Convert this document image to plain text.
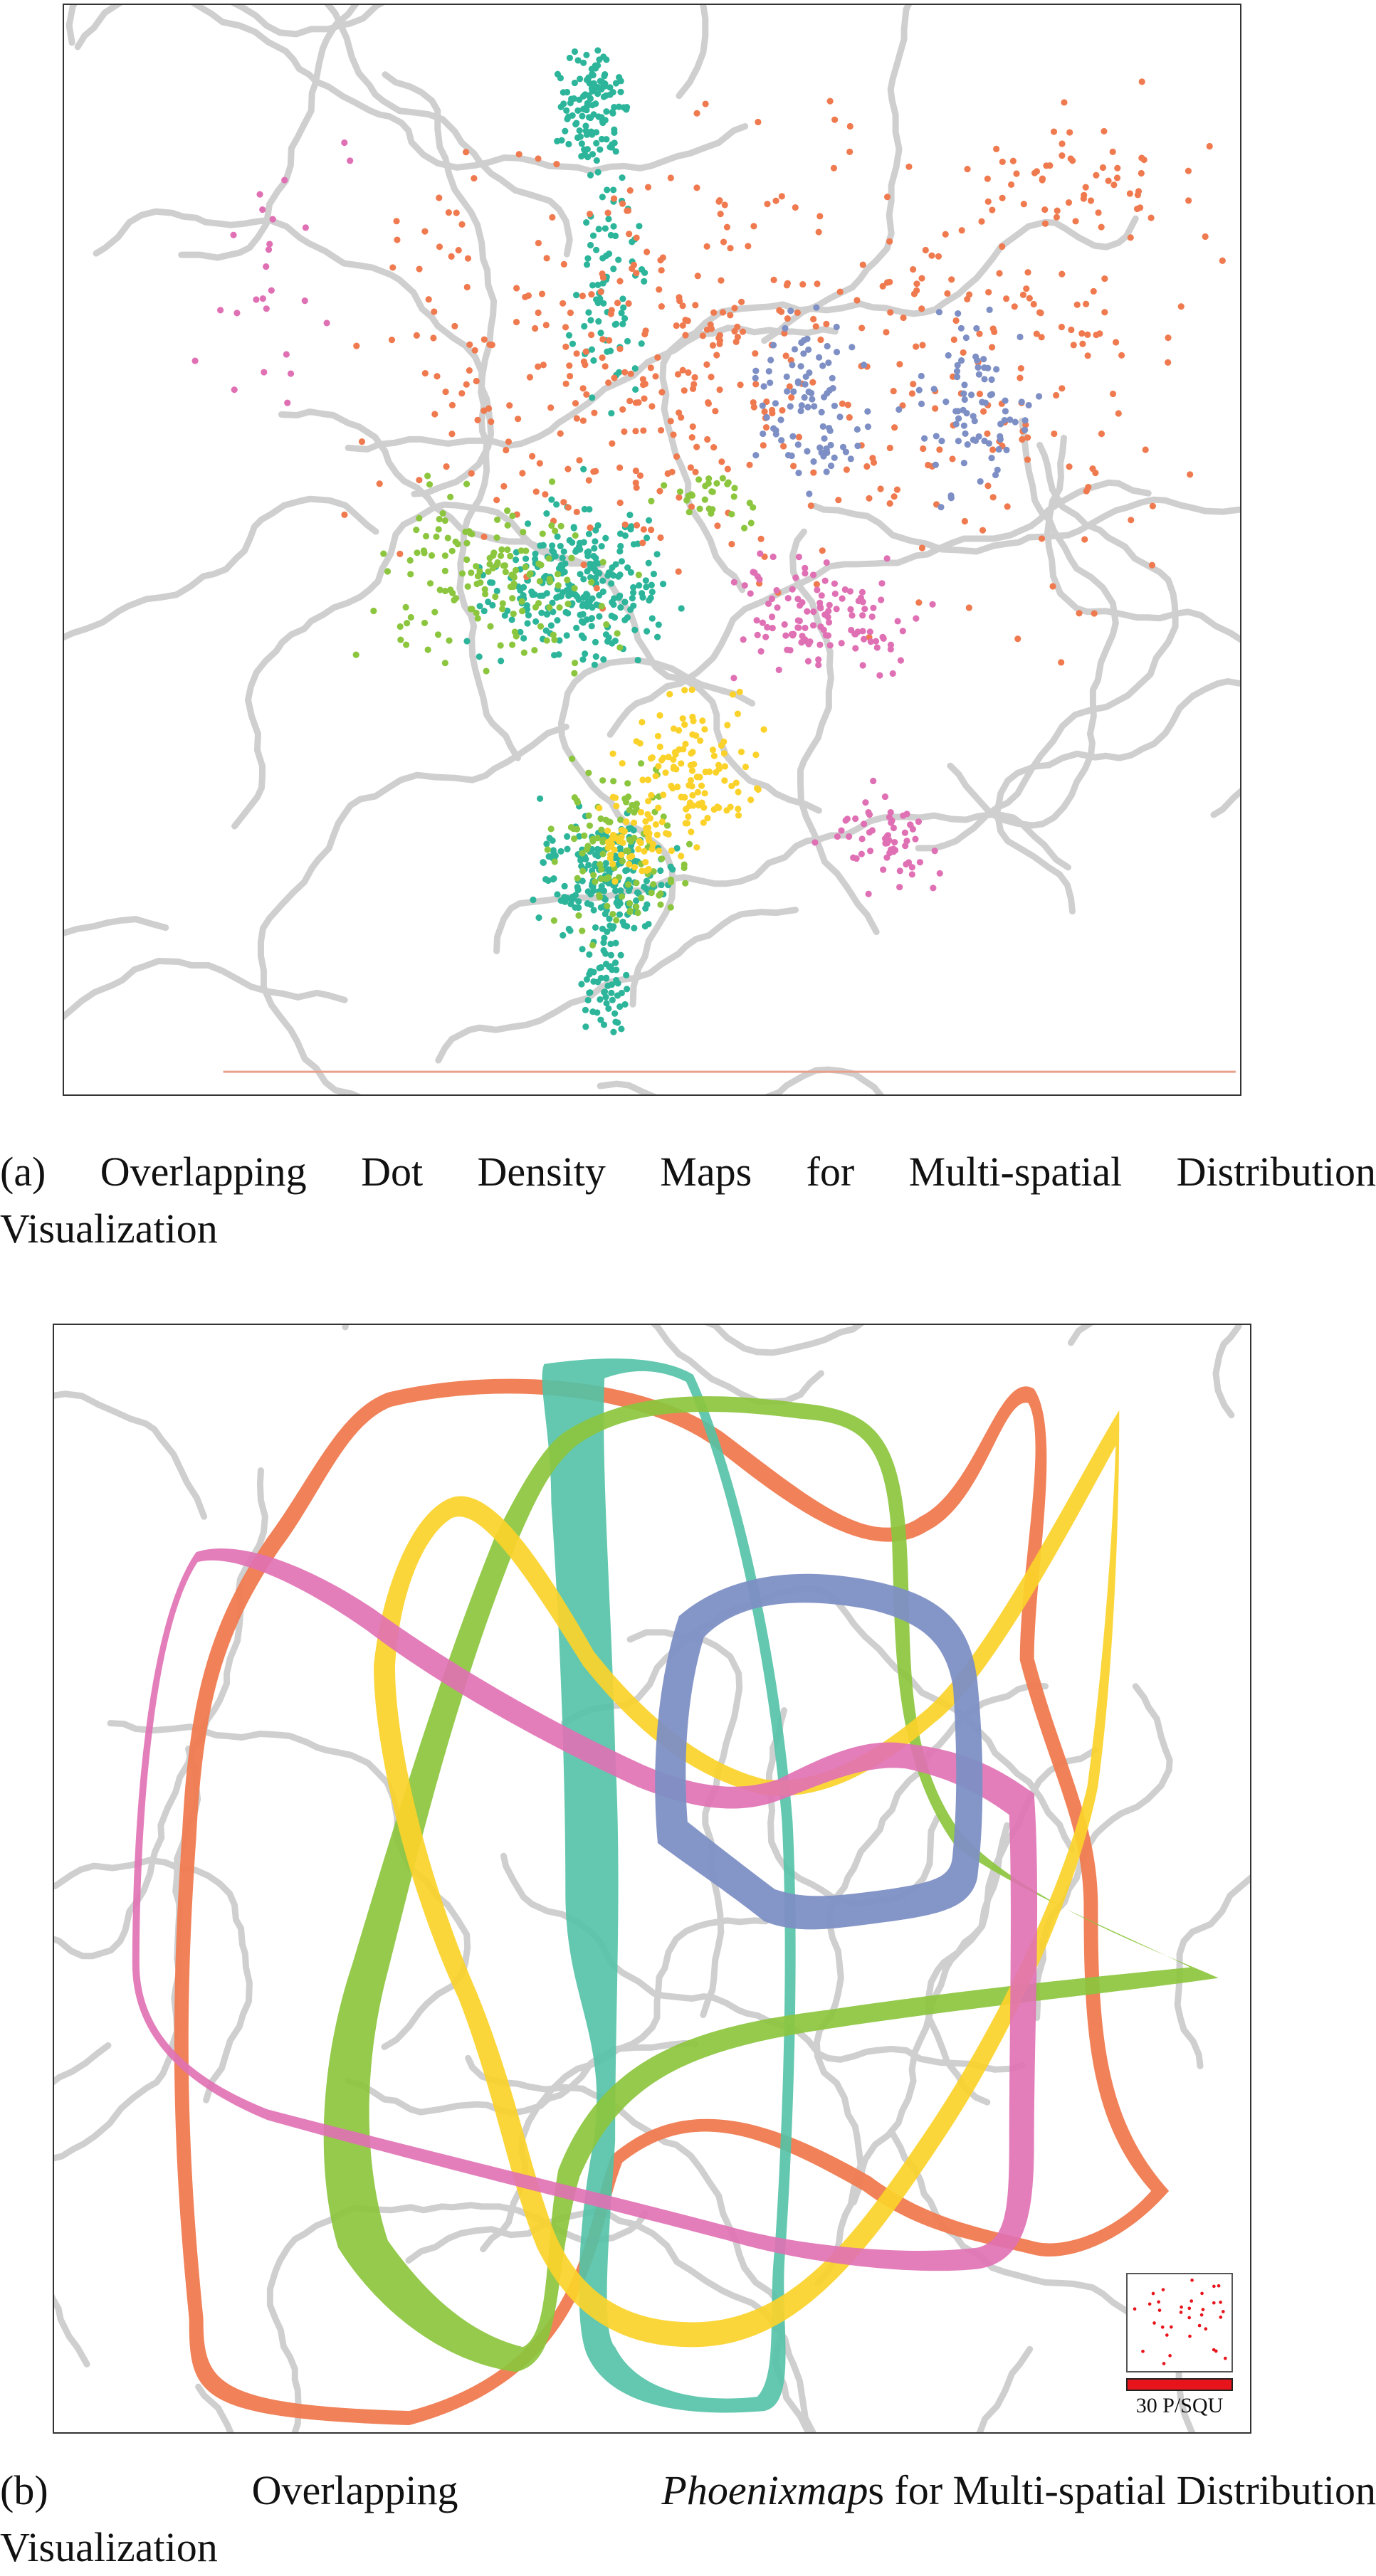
(a) Overlapping Dot Density Maps for Multi-spatial Distribution
Visualization
30 P/SQU
(b)	Overlapping	Phoenixmaps for Multi-spatial Distribution
Visualization
